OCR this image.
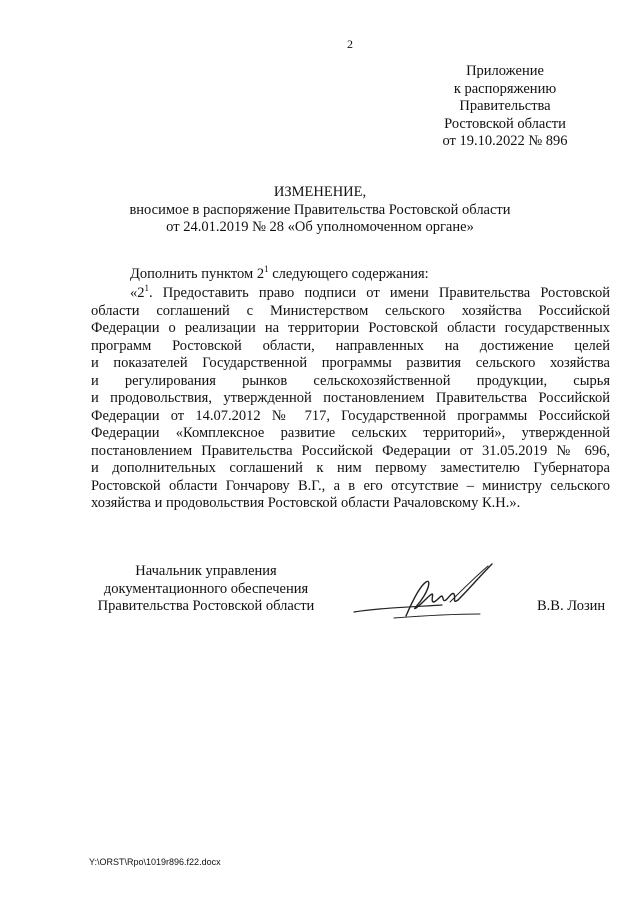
2
Приложение
к распоряжению
Правительства
Ростовской области
от 19.10.2022 № 896
ИЗМЕНЕНИЕ,
вносимое в распоряжение Правительства Ростовской области
от 24.01.2019 № 28 «Об уполномоченном органе»
Дополнить пунктом $2^1$ следующего содержания:
«$2^1$. Предоставить право подписи от имени Правительства Ростовской
области соглашений с Министерством сельского хозяйства Российской
Федерации о реализации на территории Ростовской области государственных
программ Ростовской области, направленных на достижение целей
и показателей Государственной программы развития сельского хозяйства
и регулирования рынков сельскохозяйственной продукции, сырья
и продовольствия, утвержденной постановлением Правительства Российской
Федерации от 14.07.2012 № 717, Государственной программы Российской
Федерации «Комплексное развитие сельских территорий», утвержденной
постановлением Правительства Российской Федерации от 31.05.2019 № 696,
и дополнительных соглашений к ним первому заместителю Губернатора
Ростовской области Гончарову В.Г., а в его отсутствие – министру сельского
хозяйства и продовольствия Ростовской области Рачаловскому К.Н.».
Начальник управления
документационного обеспечения
Правительства Ростовской области	В.В. Лозин
Y:\ORST\Rpo\1019r896.f22.docx
